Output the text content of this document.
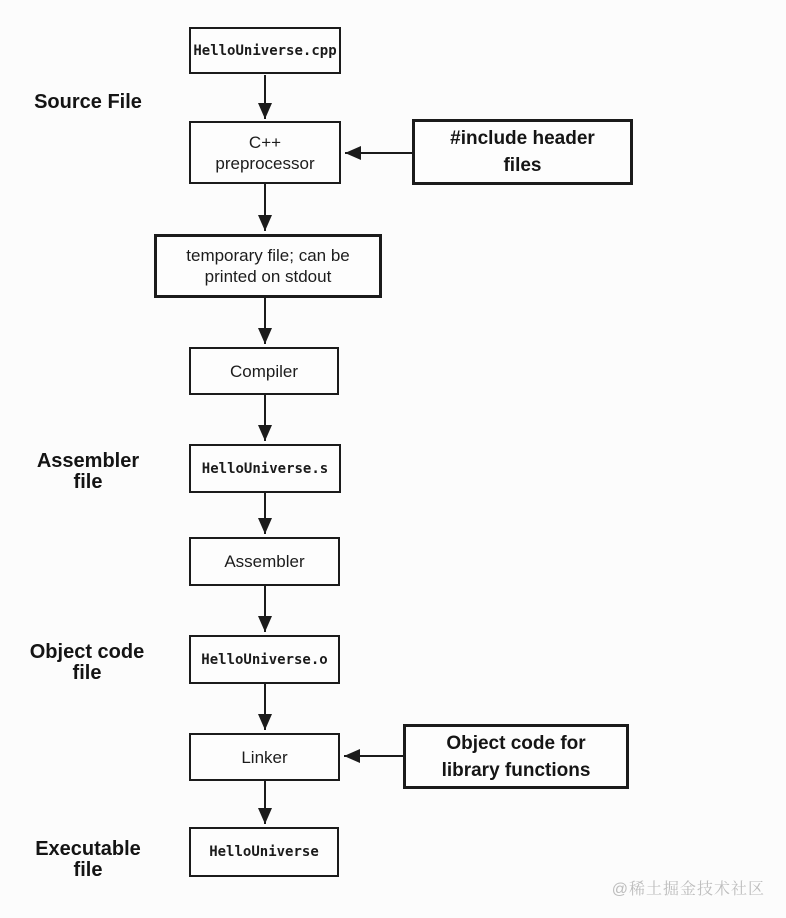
HelloUniverse.cpp
C++
preprocessor
temporary file; can be
printed on stdout
Compiler
HelloUniverse.s
Assembler
HelloUniverse.o
Linker
HelloUniverse
#include header
files
Object code for
library functions
Source File
Assembler
file
Object code
file
Executable
file
@稀土掘金技术社区
